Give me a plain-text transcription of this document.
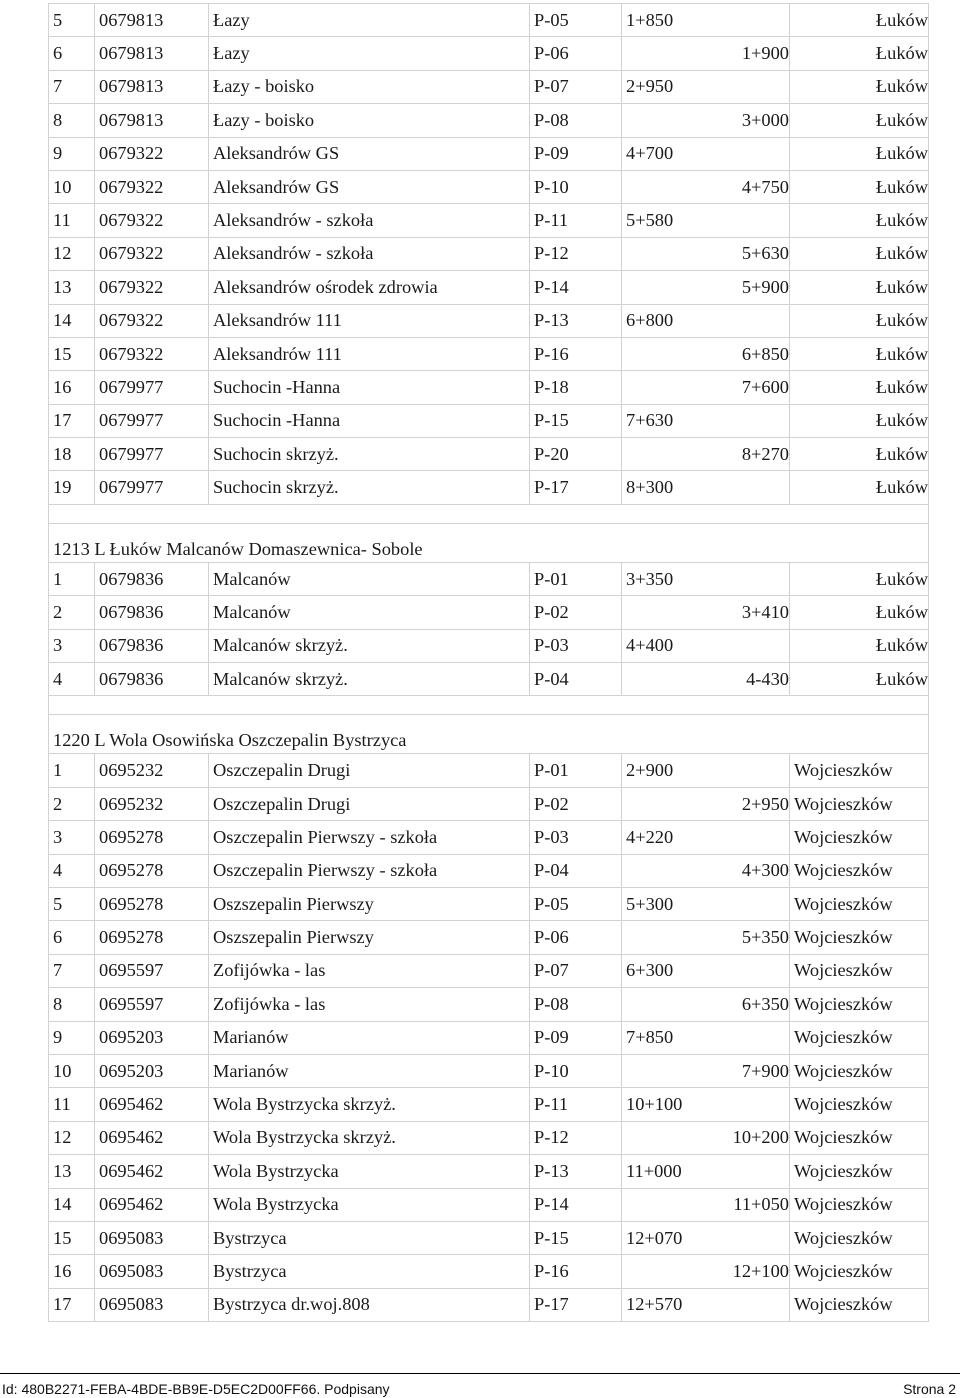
5	0679813	Łazy	P-05	1+850	Łuków
6	0679813	Łazy	P-06	1+900	Łuków
7	0679813	Łazy - boisko	P-07	2+950	Łuków
8	0679813	Łazy - boisko	P-08	3+000	Łuków
9	0679322	Aleksandrów GS	P-09	4+700	Łuków
10	0679322	Aleksandrów GS	P-10	4+750	Łuków
11	0679322	Aleksandrów - szkoła	P-11	5+580	Łuków
12	0679322	Aleksandrów - szkoła	P-12	5+630	Łuków
13	0679322	Aleksandrów ośrodek zdrowia	P-14	5+900	Łuków
14	0679322	Aleksandrów 111	P-13	6+800	Łuków
15	0679322	Aleksandrów 111	P-16	6+850	Łuków
16	0679977	Suchocin -Hanna	P-18	7+600	Łuków
17	0679977	Suchocin -Hanna	P-15	7+630	Łuków
18	0679977	Suchocin skrzyż.	P-20	8+270	Łuków
19	0679977	Suchocin skrzyż.	P-17	8+300	Łuków

1213 L Łuków Malcanów Domaszewnica- Sobole					
1	0679836	Malcanów	P-01	3+350	Łuków
2	0679836	Malcanów	P-02	3+410	Łuków
3	0679836	Malcanów skrzyż.	P-03	4+400	Łuków
4	0679836	Malcanów skrzyż.	P-04	4-430	Łuków

1220 L Wola Osowińska Oszczepalin Bystrzyca					
1	0695232	Oszczepalin Drugi	P-01	2+900	Wojcieszków
2	0695232	Oszczepalin Drugi	P-02	2+950	Wojcieszków
3	0695278	Oszczepalin Pierwszy - szkoła	P-03	4+220	Wojcieszków
4	0695278	Oszczepalin Pierwszy - szkoła	P-04	4+300	Wojcieszków
5	0695278	Oszszepalin Pierwszy	P-05	5+300	Wojcieszków
6	0695278	Oszszepalin Pierwszy	P-06	5+350	Wojcieszków
7	0695597	Zofijówka - las	P-07	6+300	Wojcieszków
8	0695597	Zofijówka - las	P-08	6+350	Wojcieszków
9	0695203	Marianów	P-09	7+850	Wojcieszków
10	0695203	Marianów	P-10	7+900	Wojcieszków
11	0695462	Wola Bystrzycka skrzyż.	P-11	10+100	Wojcieszków
12	0695462	Wola Bystrzycka skrzyż.	P-12	10+200	Wojcieszków
13	0695462	Wola Bystrzycka	P-13	11+000	Wojcieszków
14	0695462	Wola Bystrzycka	P-14	11+050	Wojcieszków
15	0695083	Bystrzyca	P-15	12+070	Wojcieszków
16	0695083	Bystrzyca	P-16	12+100	Wojcieszków
17	0695083	Bystrzyca dr.woj.808	P-17	12+570	Wojcieszków
Id: 480B2271-FEBA-4BDE-BB9E-D5EC2D00FF66. Podpisany	Strona 2
